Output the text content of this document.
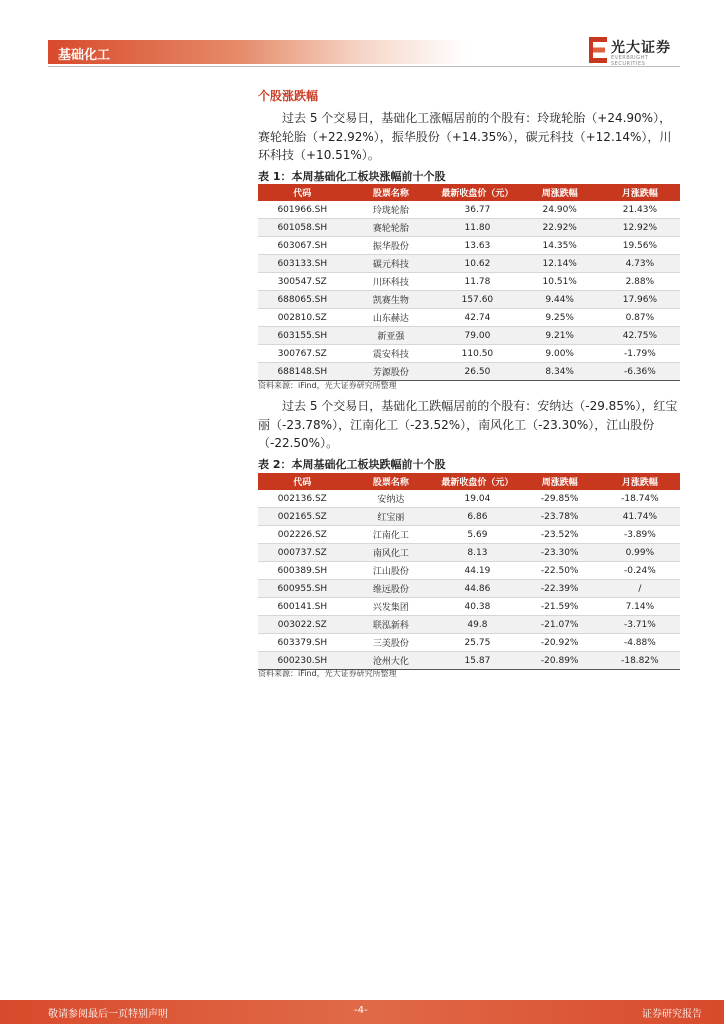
基础化工	光大证券
EVERBRIGHT SECURITIES
个股涨跌幅
过去 5 个交易日，基础化工涨幅居前的个股有：玲珑轮胎（+24.90%），赛轮轮胎（+22.92%），振华股份（+14.35%），碳元科技（+12.14%），川环科技（+10.51%）。
表 1：本周基础化工板块涨幅前十个股
代码	股票名称	最新收盘价（元）	周涨跌幅	月涨跌幅
601966.SH	玲珑轮胎	36.77	24.90%	21.43%
601058.SH	赛轮轮胎	11.80	22.92%	12.92%
603067.SH	振华股份	13.63	14.35%	19.56%
603133.SH	碳元科技	10.62	12.14%	4.73%
300547.SZ	川环科技	11.78	10.51%	2.88%
688065.SH	凯赛生物	157.60	9.44%	17.96%
002810.SZ	山东赫达	42.74	9.25%	0.87%
603155.SH	新亚强	79.00	9.21%	42.75%
300767.SZ	震安科技	110.50	9.00%	-1.79%
688148.SH	芳源股份	26.50	8.34%	-6.36%
资料来源：iFind，光大证券研究所整理
过去 5 个交易日，基础化工跌幅居前的个股有：安纳达（-29.85%），红宝丽（-23.78%），江南化工（-23.52%），南风化工（-23.30%），江山股份（-22.50%）。
表 2：本周基础化工板块跌幅前十个股
代码	股票名称	最新收盘价（元）	周涨跌幅	月涨跌幅
002136.SZ	安纳达	19.04	-29.85%	-18.74%
002165.SZ	红宝丽	6.86	-23.78%	41.74%
002226.SZ	江南化工	5.69	-23.52%	-3.89%
000737.SZ	南风化工	8.13	-23.30%	0.99%
600389.SH	江山股份	44.19	-22.50%	-0.24%
600955.SH	维远股份	44.86	-22.39%	/
600141.SH	兴发集团	40.38	-21.59%	7.14%
003022.SZ	联泓新科	49.8	-21.07%	-3.71%
603379.SH	三美股份	25.75	-20.92%	-4.88%
600230.SH	沧州大化	15.87	-20.89%	-18.82%
资料来源：iFind，光大证券研究所整理
敬请参阅最后一页特别声明	-4-	证券研究报告
